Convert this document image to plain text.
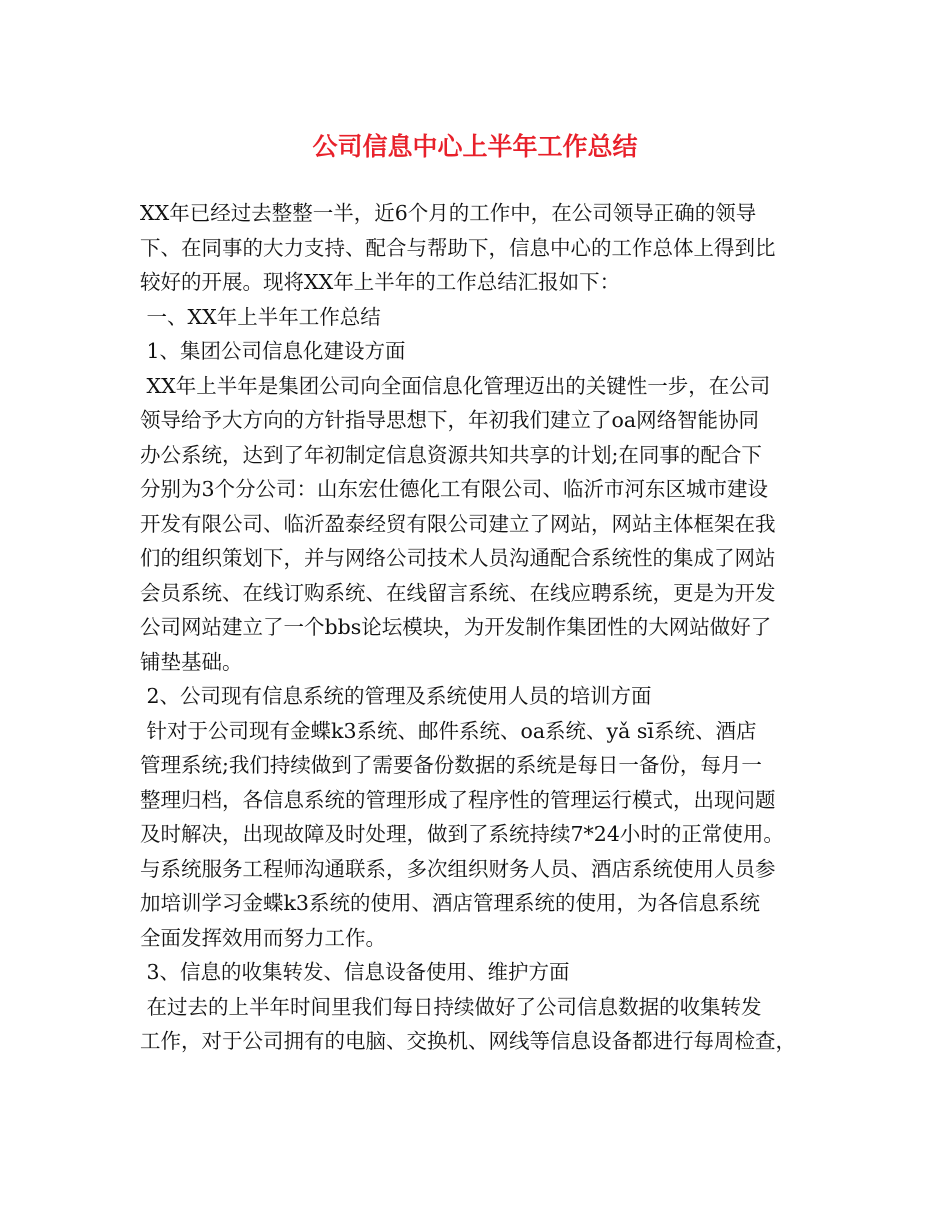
公司信息中心上半年工作总结
XX年已经过去整整一半，近6个月的工作中，在公司领导正确的领导
下、在同事的大力支持、配合与帮助下，信息中心的工作总体上得到比
较好的开展。现将XX年上半年的工作总结汇报如下：
一、XX年上半年工作总结
1、集团公司信息化建设方面
XX年上半年是集团公司向全面信息化管理迈出的关键性一步，在公司
领导给予大方向的方针指导思想下，年初我们建立了oa网络智能协同
办公系统，达到了年初制定信息资源共知共享的计划;在同事的配合下
分别为3个分公司：山东宏仕德化工有限公司、临沂市河东区城市建设
开发有限公司、临沂盈泰经贸有限公司建立了网站，网站主体框架在我
们的组织策划下，并与网络公司技术人员沟通配合系统性的集成了网站
会员系统、在线订购系统、在线留言系统、在线应聘系统，更是为开发
公司网站建立了一个bbs论坛模块，为开发制作集团性的大网站做好了
铺垫基础。
2、公司现有信息系统的管理及系统使用人员的培训方面
针对于公司现有金蝶k3系统、邮件系统、oa系统、yǎ sī系统、酒店
管理系统;我们持续做到了需要备份数据的系统是每日一备份，每月一
整理归档，各信息系统的管理形成了程序性的管理运行模式，出现问题
及时解决，出现故障及时处理，做到了系统持续7*24小时的正常使用。
与系统服务工程师沟通联系，多次组织财务人员、酒店系统使用人员参
加培训学习金蝶k3系统的使用、酒店管理系统的使用，为各信息系统
全面发挥效用而努力工作。
3、信息的收集转发、信息设备使用、维护方面
在过去的上半年时间里我们每日持续做好了公司信息数据的收集转发
工作，对于公司拥有的电脑、交换机、网线等信息设备都进行每周检查，
